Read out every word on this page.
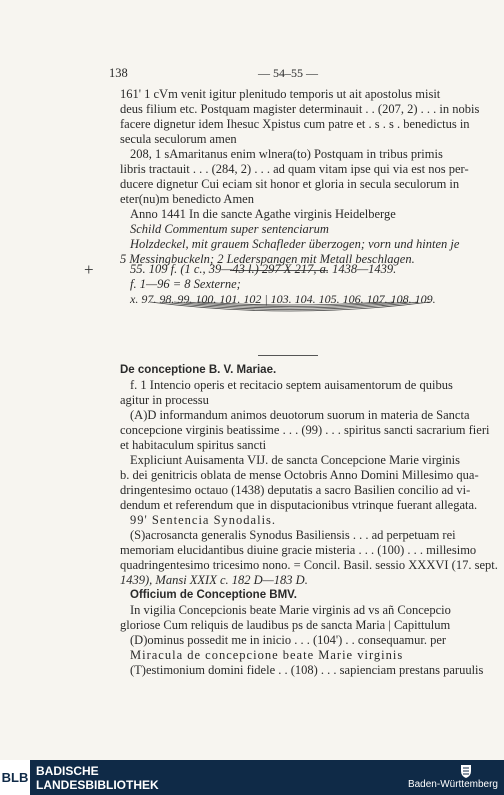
138	— 54–55 —
161' 1 cVm venit igitur plenitudo temporis ut ait apostolus misit
deus filium etc. Postquam magister determinauit . . (207, 2) . . . in nobis
facere dignetur idem Ihesuc Xpistus cum patre et . s . s . benedictus in
secula seculorum amen
208, 1 sAmaritanus enim wlnera(to) Postquam in tribus primis
libris tractauit . . . (284, 2) . . . ad quam vitam ipse qui via est nos per-
ducere dignetur Cui eciam sit honor et gloria in secula seculorum in
eter(nu)m benedicto Amen
Anno 1441 In die sancte Agathe virginis Heidelberge
Schild Commentum super sentenciarum
Holzdeckel, mit grauem Schafleder überzogen; vorn und hinten je
5 Messingbuckeln; 2 Lederspangen mit Metall beschlagen.
+	55. 109 f. (1 c., 39—43 l.) 297 X 217, a. 1438—1439.
f. 1—96 = 8 Sexterne;
x. 97. 98. 99. 100. 101. 102 | 103. 104. 105. 106. 107. 108. 109.
De conceptione B. V. Mariae.
f. 1 Intencio operis et recitacio septem auisamentorum de quibus
agitur in processu
(A)D informandum animos deuotorum suorum in materia de Sancta
concepcione virginis beatissime . . . (99) . . . spiritus sancti sacrarium fieri
et habitaculum spiritus sancti
Expliciunt Auisamenta VIJ. de sancta Concepcione Marie virginis
b. dei genitricis oblata de mense Octobris Anno Domini Millesimo qua-
dringentesimo octauo (1438) deputatis a sacro Basilien concilio ad vi-
dendum et referendum que in disputacionibus vtrinque fuerant allegata.
99' Sentencia Synodalis.
(S)acrosancta generalis Synodus Basiliensis . . . ad perpetuam rei
memoriam elucidantibus diuine gracie misteria . . . (100) . . . millesimo
quadringentesimo tricesimo nono. = Concil. Basil. sessio XXXVI (17. sept.
1439), Mansi XXIX c. 182 D—183 D.
Officium de Conceptione BMV.
In vigilia Concepcionis beate Marie virginis ad vs añ Concepcio
gloriose Cum reliquis de laudibus ps de sancta Maria | Capittulum
(D)ominus possedit me in inicio . . . (104') . . consequamur. per
Miracula de concepcione beate Marie virginis
(T)estimonium domini fidele . . (108) . . . sapienciam prestans paruulis
BLB BADISCHE
LANDESBIBLIOTHEK	Baden-Württemberg
